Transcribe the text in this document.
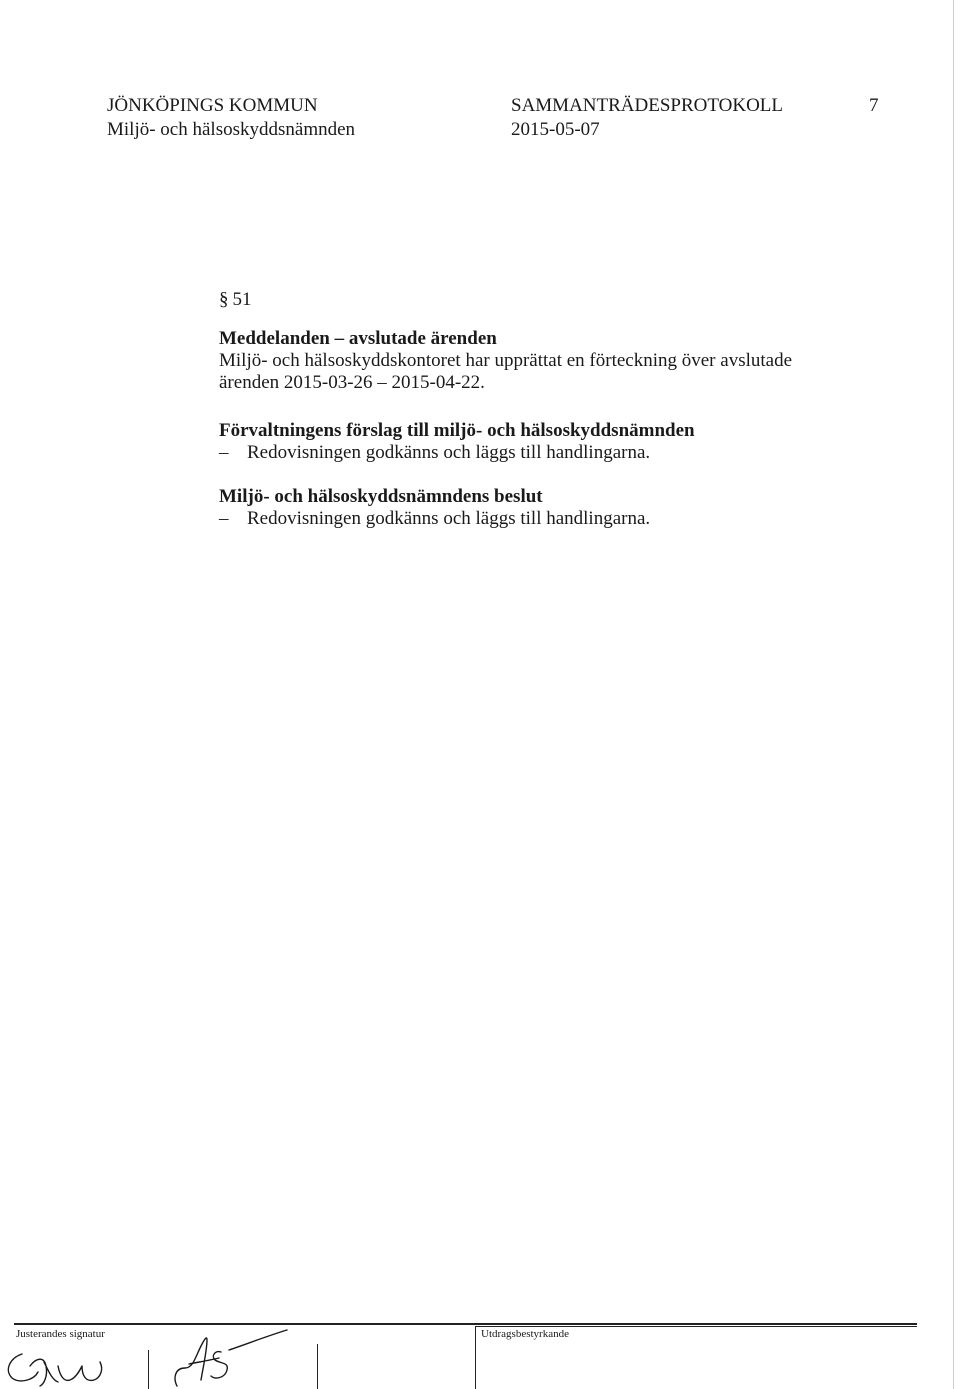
JÖNKÖPINGS KOMMUN
Miljö- och hälsoskyddsnämnden
SAMMANTRÄDESPROTOKOLL
2015-05-07
7
§ 51
Meddelanden – avslutade ärenden
Miljö- och hälsoskyddskontoret har upprättat en förteckning över avslutade
ärenden 2015-03-26 – 2015-04-22.
Förvaltningens förslag till miljö- och hälsoskyddsnämnden
– Redovisningen godkänns och läggs till handlingarna.
Miljö- och hälsoskyddsnämndens beslut
– Redovisningen godkänns och läggs till handlingarna.
Justerandes signatur	Utdragsbestyrkande
